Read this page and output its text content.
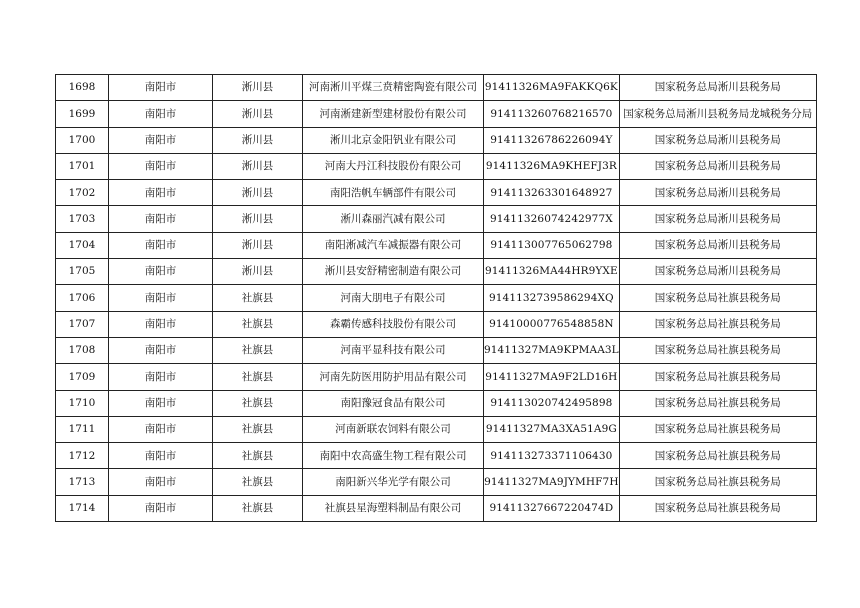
1698	南阳市	淅川县	河南淅川平煤三贲精密陶瓷有限公司	91411326MA9FAKKQ6K	国家税务总局淅川县税务局
1699	南阳市	淅川县	河南淅建新型建材股份有限公司	914113260768216570	国家税务总局淅川县税务局龙城税务分局
1700	南阳市	淅川县	淅川北京金阳钒业有限公司	91411326786226094Y	国家税务总局淅川县税务局
1701	南阳市	淅川县	河南大丹江科技股份有限公司	91411326MA9KHEFJ3R	国家税务总局淅川县税务局
1702	南阳市	淅川县	南阳浩帆车辆部件有限公司	914113263301648927	国家税务总局淅川县税务局
1703	南阳市	淅川县	淅川森丽汽减有限公司	91411326074242977X	国家税务总局淅川县税务局
1704	南阳市	淅川县	南阳淅减汽车减振器有限公司	914113007765062798	国家税务总局淅川县税务局
1705	南阳市	淅川县	淅川县安舒精密制造有限公司	91411326MA44HR9YXE	国家税务总局淅川县税务局
1706	南阳市	社旗县	河南大朋电子有限公司	9141132739586294XQ	国家税务总局社旗县税务局
1707	南阳市	社旗县	森霸传感科技股份有限公司	91410000776548858N	国家税务总局社旗县税务局
1708	南阳市	社旗县	河南平显科技有限公司	91411327MA9KPMAA3L	国家税务总局社旗县税务局
1709	南阳市	社旗县	河南先防医用防护用品有限公司	91411327MA9F2LD16H	国家税务总局社旗县税务局
1710	南阳市	社旗县	南阳豫冠食品有限公司	914113020742495898	国家税务总局社旗县税务局
1711	南阳市	社旗县	河南新联农饲料有限公司	91411327MA3XA51A9G	国家税务总局社旗县税务局
1712	南阳市	社旗县	南阳中农高盛生物工程有限公司	914113273371106430	国家税务总局社旗县税务局
1713	南阳市	社旗县	南阳新兴华光学有限公司	91411327MA9JYMHF7H	国家税务总局社旗县税务局
1714	南阳市	社旗县	社旗县星海塑料制品有限公司	91411327667220474D	国家税务总局社旗县税务局
